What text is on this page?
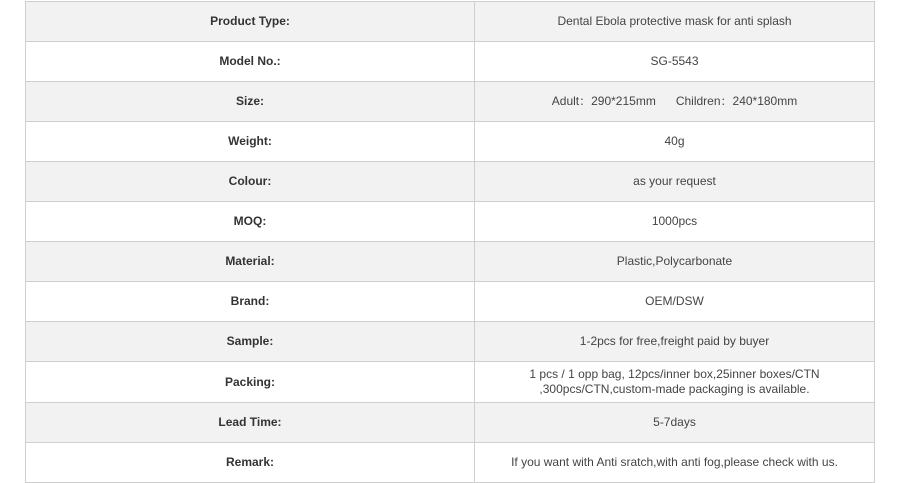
Product Type:	Dental Ebola protective mask for anti splash
Model No.:	SG-5543
Size:	Adult：290*215mm      Children：240*180mm
Weight:	40g
Colour:	as your request
MOQ:	1000pcs
Material:	Plastic,Polycarbonate
Brand:	OEM/DSW
Sample:	1-2pcs for free,freight paid by buyer
Packing:	1 pcs / 1 opp bag, 12pcs/inner box,25inner boxes/CTN ,300pcs/CTN,custom-made packaging is available.
Lead Time:	5-7days
Remark:	If you want with Anti sratch,with anti fog,please check with us.
